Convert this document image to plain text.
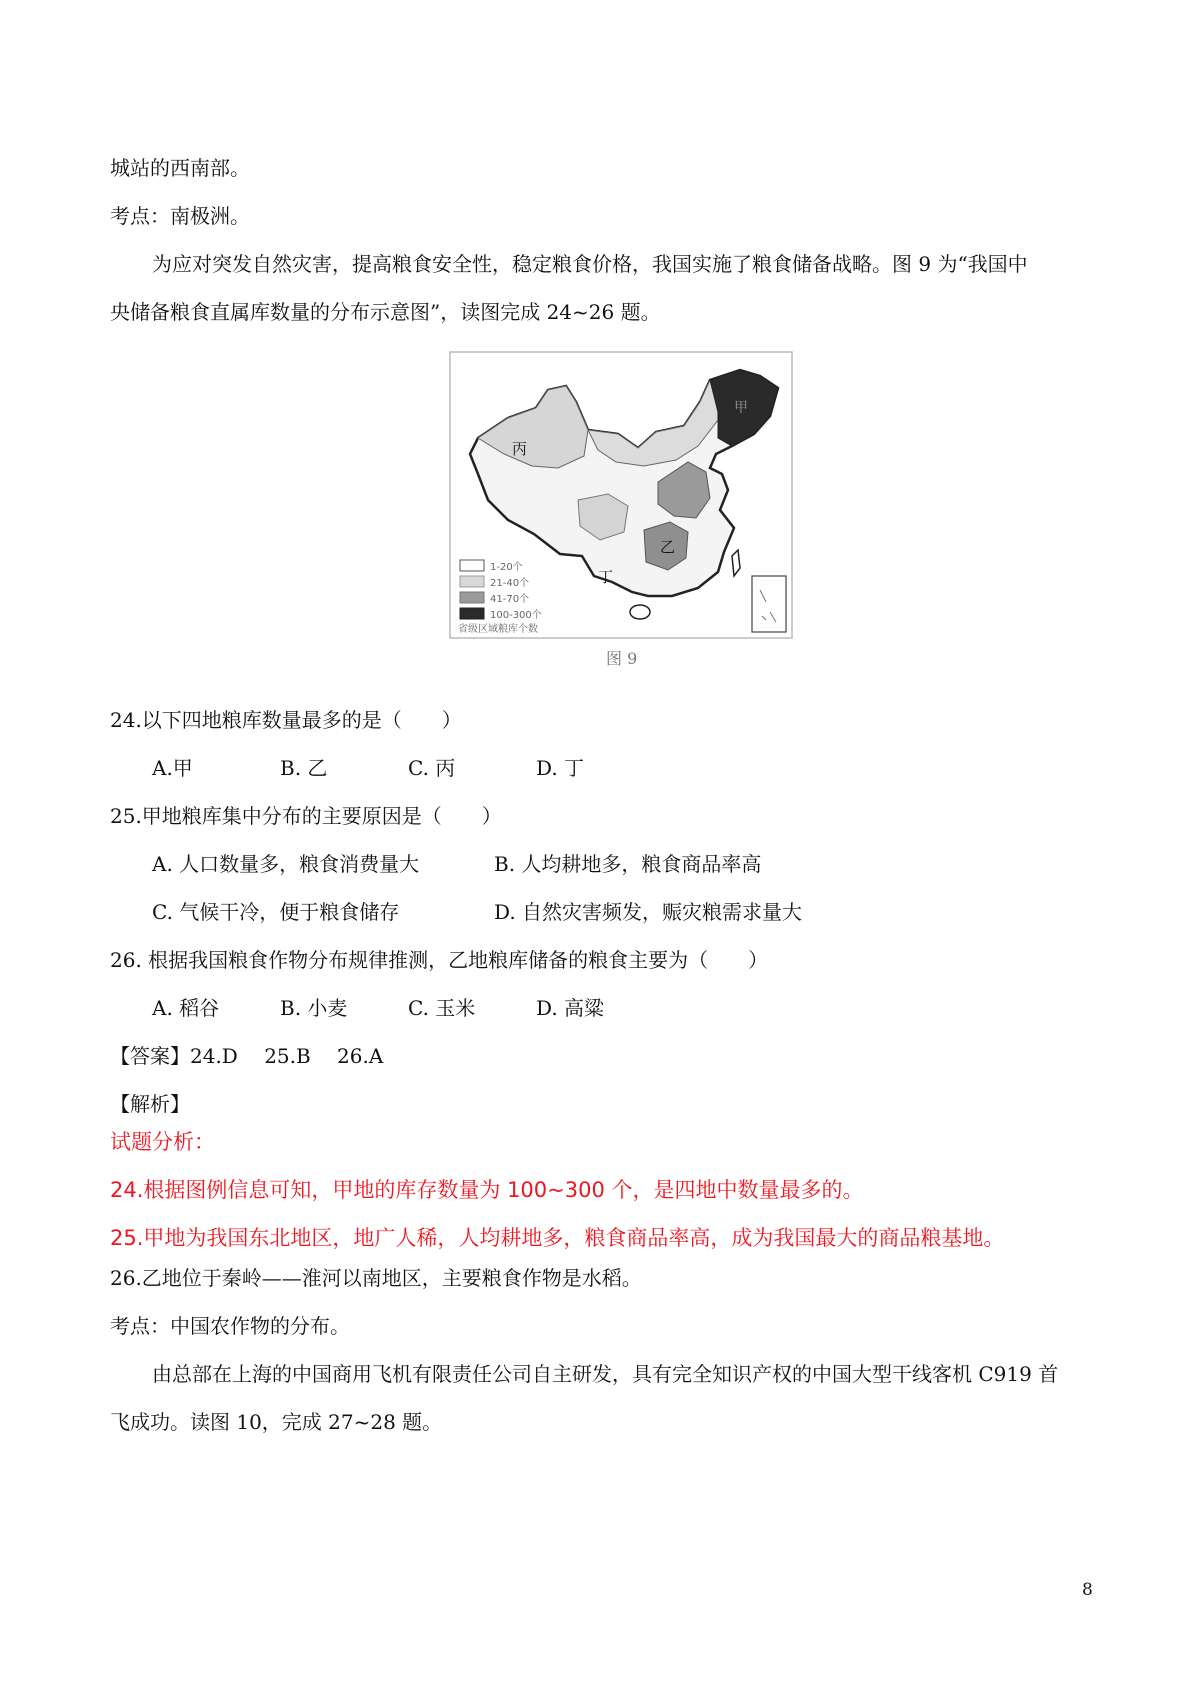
城站的西南部。
考点：南极洲。
为应对突发自然灾害，提高粮食安全性，稳定粮食价格，我国实施了粮食储备战略。图 9 为“我国中
央储备粮食直属库数量的分布示意图”，读图完成 24~26 题。
丙
甲
乙
丁
1-20个
21-40个
41-70个
100-300个
省级区域粮库个数
图 9
24.以下四地粮库数量最多的是（　　）
A.甲	B. 乙	C. 丙	D. 丁
25.甲地粮库集中分布的主要原因是（　　）
A. 人口数量多，粮食消费量大	B. 人均耕地多，粮食商品率高
C. 气候干冷，便于粮食储存	D. 自然灾害频发，赈灾粮需求量大
26. 根据我国粮食作物分布规律推测，乙地粮库储备的粮食主要为（　　）
A. 稻谷	B. 小麦	C. 玉米	D. 高粱
【答案】24.D　 25.B　 26.A
【解析】
试题分析：
24.根据图例信息可知，甲地的库存数量为 100~300 个，是四地中数量最多的。
25.甲地为我国东北地区，地广人稀，人均耕地多，粮食商品率高，成为我国最大的商品粮基地。
26.乙地位于秦岭——淮河以南地区，主要粮食作物是水稻。
考点：中国农作物的分布。
由总部在上海的中国商用飞机有限责任公司自主研发，具有完全知识产权的中国大型干线客机 C919 首
飞成功。读图 10，完成 27~28 题。
8
